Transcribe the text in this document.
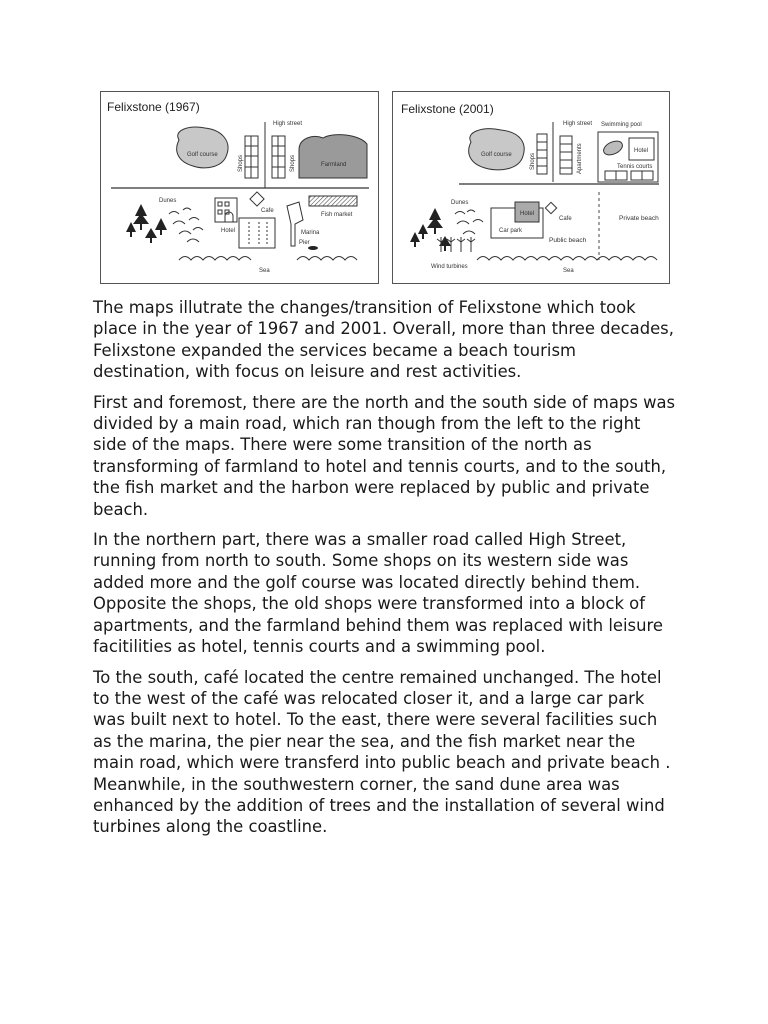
Felixstone (1967)
Golf course
High street
Shops	Shops	Farmland
Dunes
Hotel
Cafe
Fish market
Marina
Pier
Sea
Felixstone (2001)
Golf course
High street
Shops	Apartments
Swimming pool
Hotel
Tennis courts
Dunes
Car park
Hotel
Cafe
Public beach
Private beach
Wind turbines
Sea

The maps illutrate the changes/transition of Felixstone which took place in the year of 1967 and 2001. Overall, more than three decades, Felixstone expanded the services became a beach tourism destination, with focus on leisure and rest activities.

First and foremost, there are the north and the south side of maps was divided by a main road, which ran though from the left to the right side of the maps. There were some transition of the north as transforming of farmland to hotel and tennis courts, and to the south, the fish market and the harbon were replaced by public and private beach.

In the northern part, there was a smaller road called High Street, running from north to south. Some shops on its western side was added more and the golf course was located directly behind them. Opposite the shops, the old shops were transformed into a block of apartments, and the farmland behind them was replaced with leisure facitilities as hotel, tennis courts and a swimming pool.

To the south, café located the centre remained unchanged. The hotel to the west of the café was relocated closer it, and a large car park was built next to hotel. To the east, there were several facilities such as the marina, the pier near the sea, and the fish market near the main road, which were transferd into public beach and private beach . Meanwhile, in the southwestern corner, the sand dune area was enhanced by the addition of trees and the installation of several wind turbines along the coastline.
